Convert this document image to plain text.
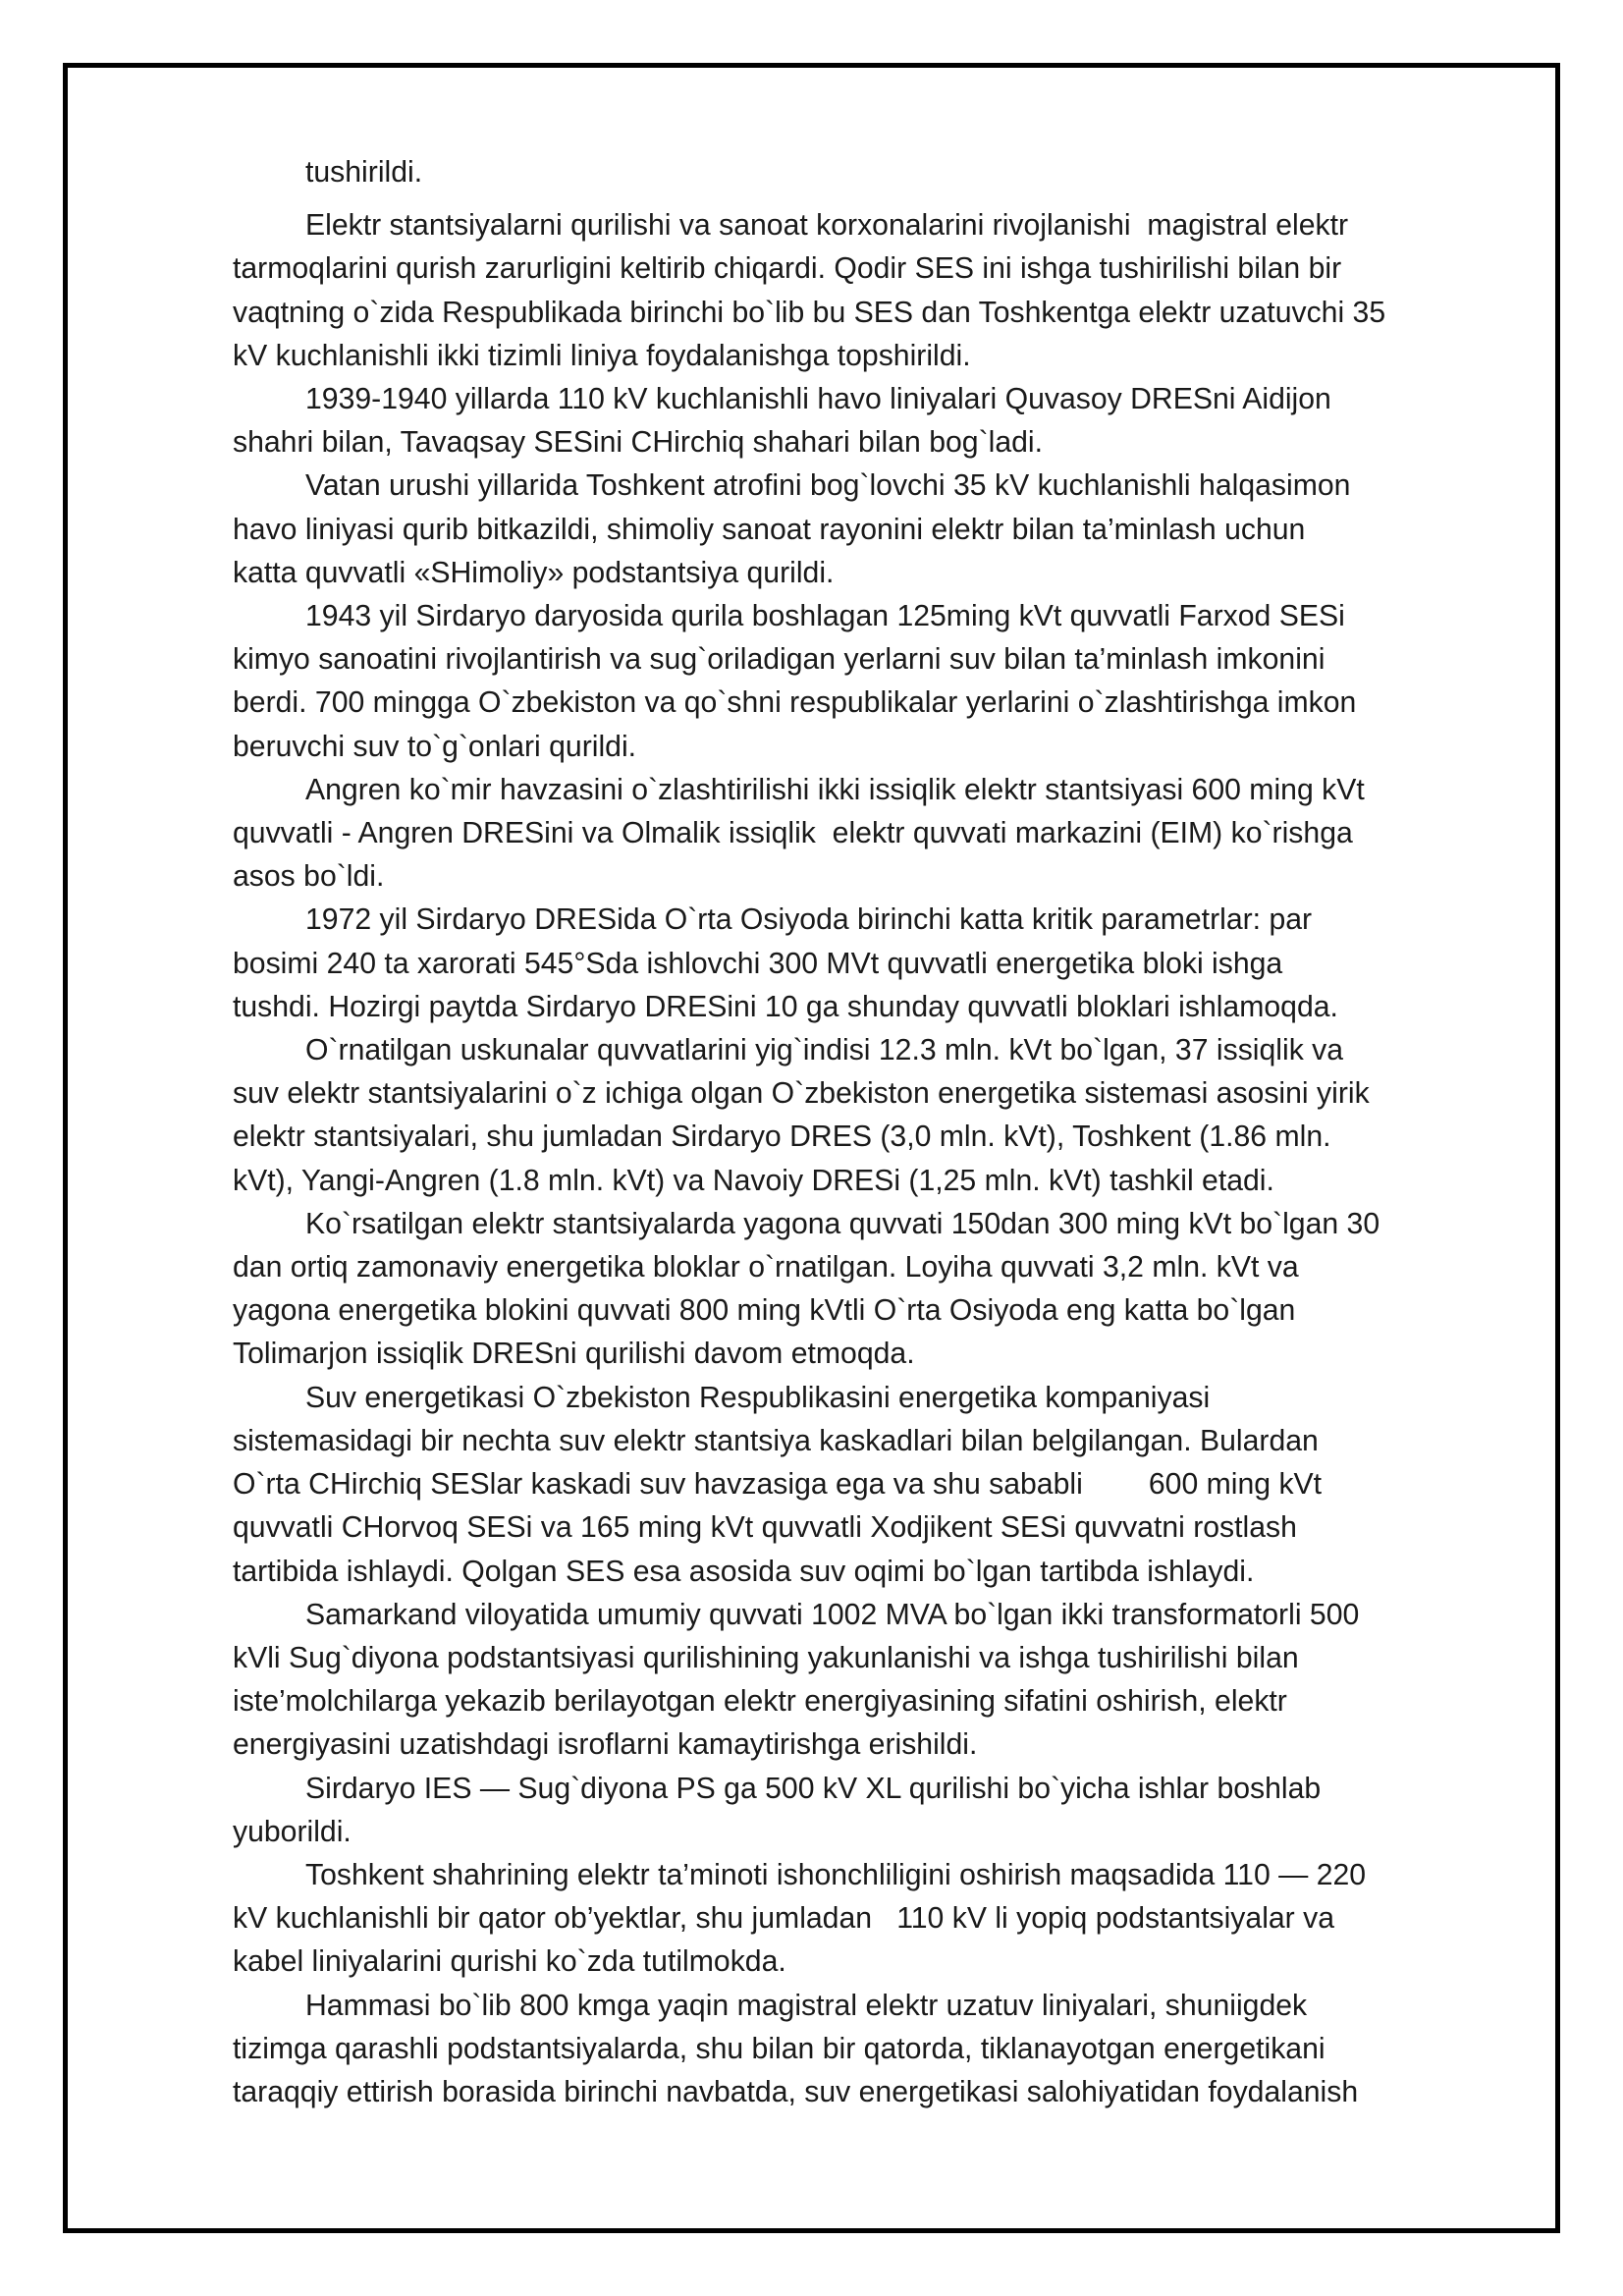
tushirildi.

Elektr stantsiyalarni qurilishi va sanoat korxonalarini rivojlanishi  magistral elektr
tarmoqlarini qurish zarurligini keltirib chiqardi. Qodir SES ini ishga tushirilishi bilan bir
vaqtning o`zida Respublikada birinchi bo`lib bu SES dan Toshkentga elektr uzatuvchi 35
kV kuchlanishli ikki tizimli liniya foydalanishga topshirildi.

1939-1940 yillarda 110 kV kuchlanishli havo liniyalari Quvasoy DRESni Aidijon
shahri bilan, Tavaqsay SESini CHirchiq shahari bilan bog`ladi.

Vatan urushi yillarida Toshkent atrofini bog`lovchi 35 kV kuchlanishli halqasimon
havo liniyasi qurib bitkazildi, shimoliy sanoat rayonini elektr bilan ta’minlash uchun
katta quvvatli «SHimoliy» podstantsiya qurildi.

1943 yil Sirdaryo daryosida qurila boshlagan 125ming kVt quvvatli Farxod SESi
kimyo sanoatini rivojlantirish va sug`oriladigan yerlarni suv bilan ta’minlash imkonini
berdi. 700 mingga O`zbekiston va qo`shni respublikalar yerlarini o`zlashtirishga imkon
beruvchi suv to`g`onlari qurildi.

Angren ko`mir havzasini o`zlashtirilishi ikki issiqlik elektr stantsiyasi 600 ming kVt
quvvatli - Angren DRESini va Olmalik issiqlik  elektr quvvati markazini (EIM) ko`rishga
asos bo`ldi.

1972 yil Sirdaryo DRESida O`rta Osiyoda birinchi katta kritik parametrlar: par
bosimi 240 ta xarorati 545°Sda ishlovchi 300 MVt quvvatli energetika bloki ishga
tushdi. Hozirgi paytda Sirdaryo DRESini 10 ga shunday quvvatli bloklari ishlamoqda.

O`rnatilgan uskunalar quvvatlarini yig`indisi 12.3 mln. kVt bo`lgan, 37 issiqlik va
suv elektr stantsiyalarini o`z ichiga olgan O`zbekiston energetika sistemasi asosini yirik
elektr stantsiyalari, shu jumladan Sirdaryo DRES (3,0 mln. kVt), Toshkent (1.86 mln.
kVt), Yangi-Angren (1.8 mln. kVt) va Navoiy DRESi (1,25 mln. kVt) tashkil etadi.

Ko`rsatilgan elektr stantsiyalarda yagona quvvati 150dan 300 ming kVt bo`lgan 30
dan ortiq zamonaviy energetika bloklar o`rnatilgan. Loyiha quvvati 3,2 mln. kVt va
yagona energetika blokini quvvati 800 ming kVtli O`rta Osiyoda eng katta bo`lgan
Tolimarjon issiqlik DRESni qurilishi davom etmoqda.

Suv energetikasi O`zbekiston Respublikasini energetika kompaniyasi
sistemasidagi bir nechta suv elektr stantsiya kaskadlari bilan belgilangan. Bulardan
O`rta CHirchiq SESlar kaskadi suv havzasiga ega va shu sababli        600 ming kVt
quvvatli CHorvoq SESi va 165 ming kVt quvvatli Xodjikent SESi quvvatni rostlash
tartibida ishlaydi. Qolgan SES esa asosida suv oqimi bo`lgan tartibda ishlaydi.

Samarkand viloyatida umumiy quvvati 1002 MVA bo`lgan ikki transformatorli 500
kVli Sug`diyona podstantsiyasi qurilishining yakunlanishi va ishga tushirilishi bilan
iste’molchilarga yekazib berilayotgan elektr energiyasining sifatini oshirish, elektr
energiyasini uzatishdagi isroflarni kamaytirishga erishildi.

Sirdaryo IES — Sug`diyona PS ga 500 kV XL qurilishi bo`yicha ishlar boshlab
yuborildi.

Toshkent shahrining elektr ta’minoti ishonchliligini oshirish maqsadida 110 — 220
kV kuchlanishli bir qator ob’yektlar, shu jumladan   110 kV li yopiq podstantsiyalar va
kabel liniyalarini qurishi ko`zda tutilmokda.

Hammasi bo`lib 800 kmga yaqin magistral elektr uzatuv liniyalari, shuniigdek
tizimga qarashli podstantsiyalarda, shu bilan bir qatorda, tiklanayotgan energetikani
taraqqiy ettirish borasida birinchi navbatda, suv energetikasi salohiyatidan foydalanish
